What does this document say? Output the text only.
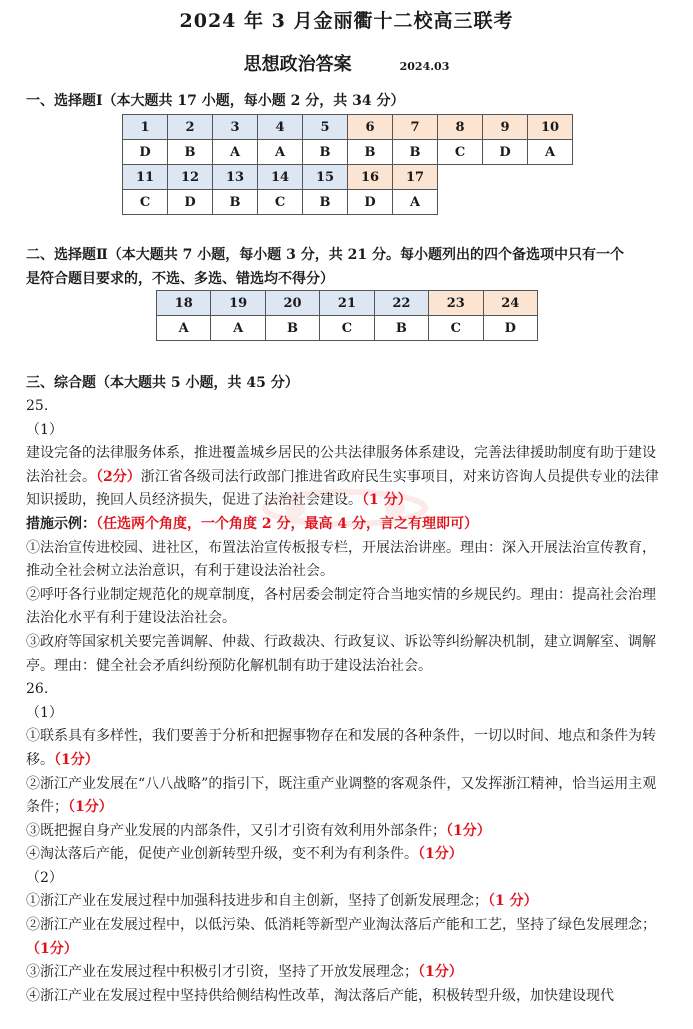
2024 年 3 月金丽衢十二校高三联考
思想政治答案	2024.03
一、选择题Ⅰ（本大题共 17 小题，每小题 2 分，共 34 分）
1	2	3	4	5	6	7	8	9	10
D	B	A	A	B	B	B	C	D	A
11	12	13	14	15	16	17			
C	D	B	C	B	D	A			
二、选择题Ⅱ（本大题共 7 小题，每小题 3 分，共 21 分。每小题列出的四个备选项中只有一个
是符合题目要求的，不选、多选、错选均不得分）
18	19	20	21	22	23	24
A	A	B	C	B	C	D
三、综合题（本大题共 5 小题，共 45 分）

25.

（1）

建设完备的法律服务体系，推进覆盖城乡居民的公共法律服务体系建设，完善法律援助制度有助于建设法治社会。（2分）浙江省各级司法行政部门推进省政府民生实事项目，对来访咨询人员提供专业的法律知识援助，挽回人员经济损失，促进了法治社会建设。（1 分）

措施示例：（任选两个角度，一个角度 2 分，最高 4 分，言之有理即可）

①法治宣传进校园、进社区，布置法治宣传板报专栏，开展法治讲座。理由：深入开展法治宣传教育，推动全社会树立法治意识，有利于建设法治社会。

②呼吁各行业制定规范化的规章制度，各村居委会制定符合当地实情的乡规民约。理由：提高社会治理法治化水平有利于建设法治社会。

③政府等国家机关要完善调解、仲裁、行政裁决、行政复议、诉讼等纠纷解决机制，建立调解室、调解亭。理由：健全社会矛盾纠纷预防化解机制有助于建设法治社会。

26.

（1）

①联系具有多样性，我们要善于分析和把握事物存在和发展的各种条件，一切以时间、地点和条件为转移。（1分）

②浙江产业发展在“八八战略”的指引下，既注重产业调整的客观条件，又发挥浙江精神，恰当运用主观条件；（1分）

③既把握自身产业发展的内部条件，又引才引资有效利用外部条件；（1分）

④淘汰落后产能，促使产业创新转型升级，变不利为有利条件。（1分）

（2）

①浙江产业在发展过程中加强科技进步和自主创新，坚持了创新发展理念；（1 分）

②浙江产业在发展过程中，以低污染、低消耗等新型产业淘汰落后产能和工艺，坚持了绿色发展理念；（1分）

③浙江产业在发展过程中积极引才引资，坚持了开放发展理念；（1分）

④浙江产业在发展过程中坚持供给侧结构性改革，淘汰落后产能，积极转型升级，加快建设现代
